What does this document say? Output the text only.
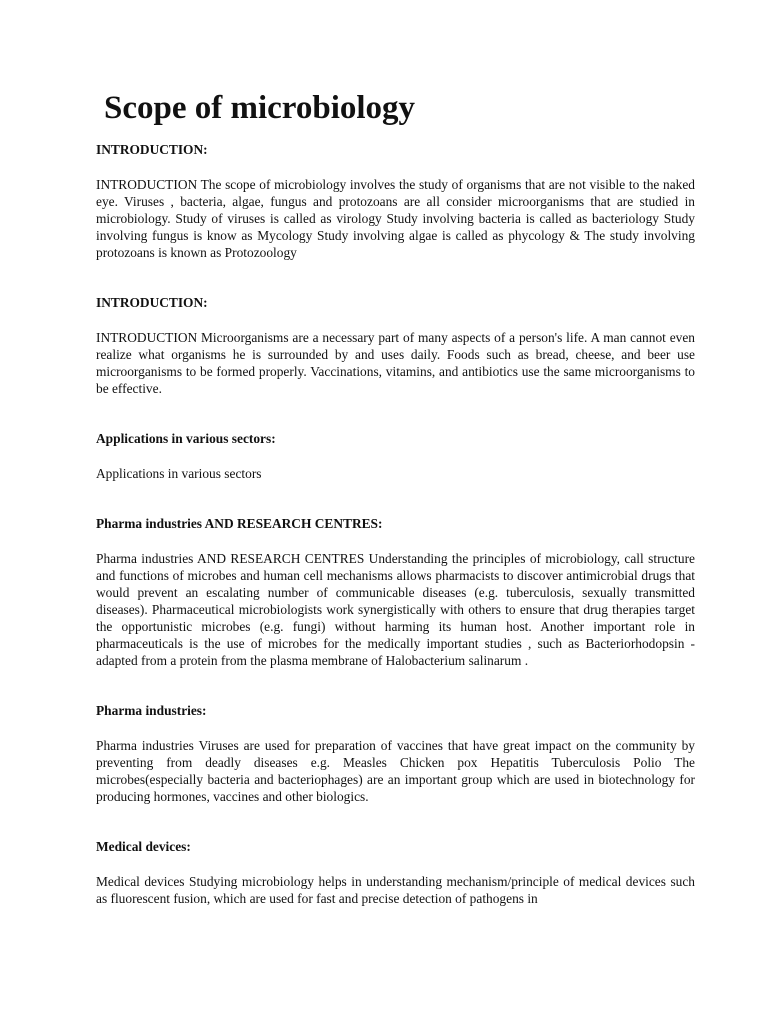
Scope of microbiology

INTRODUCTION:

INTRODUCTION The scope of microbiology involves the study of organisms that are not visible to the naked eye. Viruses , bacteria, algae, fungus and protozoans are all consider microorganisms that are studied in microbiology. Study of viruses is called as virology Study involving bacteria is called as bacteriology Study involving fungus is know as Mycology Study involving algae is called as phycology & The study involving protozoans is known as Protozoology

INTRODUCTION:

INTRODUCTION Microorganisms are a necessary part of many aspects of a person's life. A man cannot even realize what organisms he is surrounded by and uses daily. Foods such as bread, cheese, and beer use microorganisms to be formed properly. Vaccinations, vitamins, and antibiotics use the same microorganisms to be effective.

Applications in various sectors:

Applications in various sectors

Pharma industries AND RESEARCH CENTRES:

Pharma industries AND RESEARCH CENTRES Understanding the principles of microbiology, call structure and functions of microbes and human cell mechanisms allows pharmacists to discover antimicrobial drugs that would prevent an escalating number of communicable diseases (e.g. tuberculosis, sexually transmitted diseases). Pharmaceutical microbiologists work synergistically with others to ensure that drug therapies target the opportunistic microbes (e.g. fungi) without harming its human host. Another important role in pharmaceuticals is the use of microbes for the medically important studies , such as Bacteriorhodopsin - adapted from a protein from the plasma membrane of Halobacterium salinarum .

Pharma industries:

Pharma industries Viruses are used for preparation of vaccines that have great impact on the community by preventing from deadly diseases e.g. Measles Chicken pox Hepatitis Tuberculosis Polio The microbes(especially bacteria and bacteriophages) are an important group which are used in biotechnology for producing hormones, vaccines and other biologics.

Medical devices:

Medical devices Studying microbiology helps in understanding mechanism/principle of medical devices such as fluorescent fusion, which are used for fast and precise detection of pathogens in
